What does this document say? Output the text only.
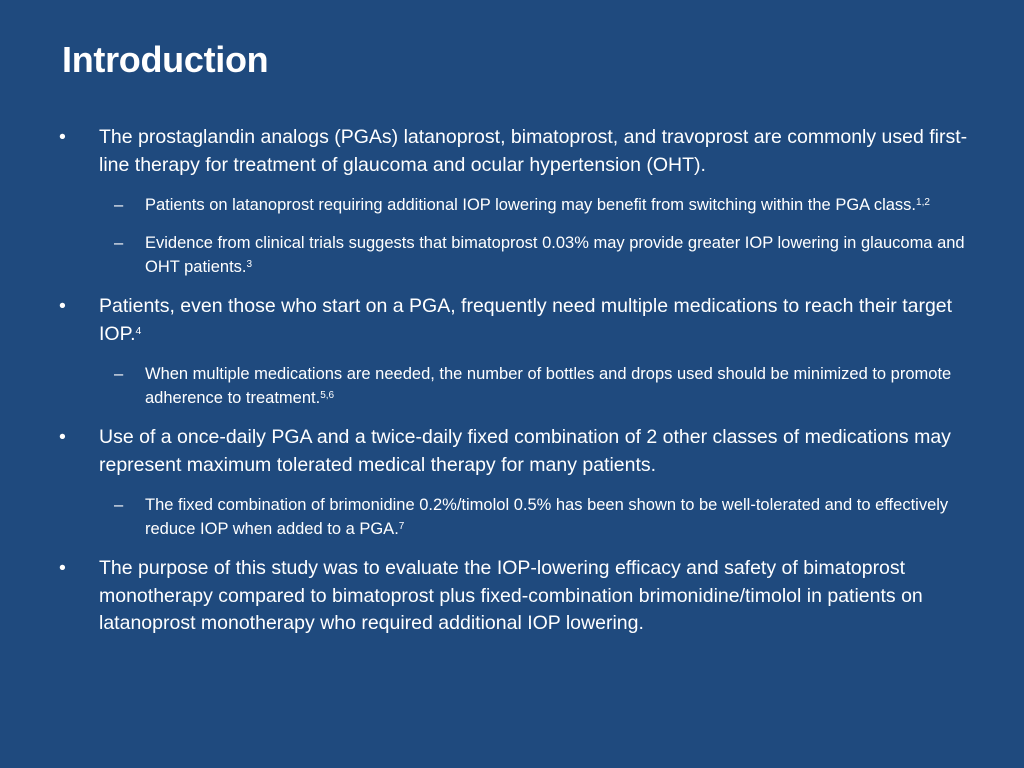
Introduction
• The prostaglandin analogs (PGAs) latanoprost, bimatoprost, and travoprost are commonly used first-line therapy for treatment of glaucoma and ocular hypertension (OHT).
– Patients on latanoprost requiring additional IOP lowering may benefit from switching within the PGA class.$^{1,2}$
– Evidence from clinical trials suggests that bimatoprost 0.03% may provide greater IOP lowering in glaucoma and OHT patients.$^3$
• Patients, even those who start on a PGA, frequently need multiple medications to reach their target IOP.$^4$
– When multiple medications are needed, the number of bottles and drops used should be minimized to promote adherence to treatment.$^{5,6}$
• Use of a once-daily PGA and a twice-daily fixed combination of 2 other classes of medications may represent maximum tolerated medical therapy for many patients.
– The fixed combination of brimonidine 0.2%/timolol 0.5% has been shown to be well-tolerated and to effectively reduce IOP when added to a PGA.$^7$
• The purpose of this study was to evaluate the IOP-lowering efficacy and safety of bimatoprost monotherapy compared to bimatoprost plus fixed-combination brimonidine/timolol in patients on latanoprost monotherapy who required additional IOP lowering.
